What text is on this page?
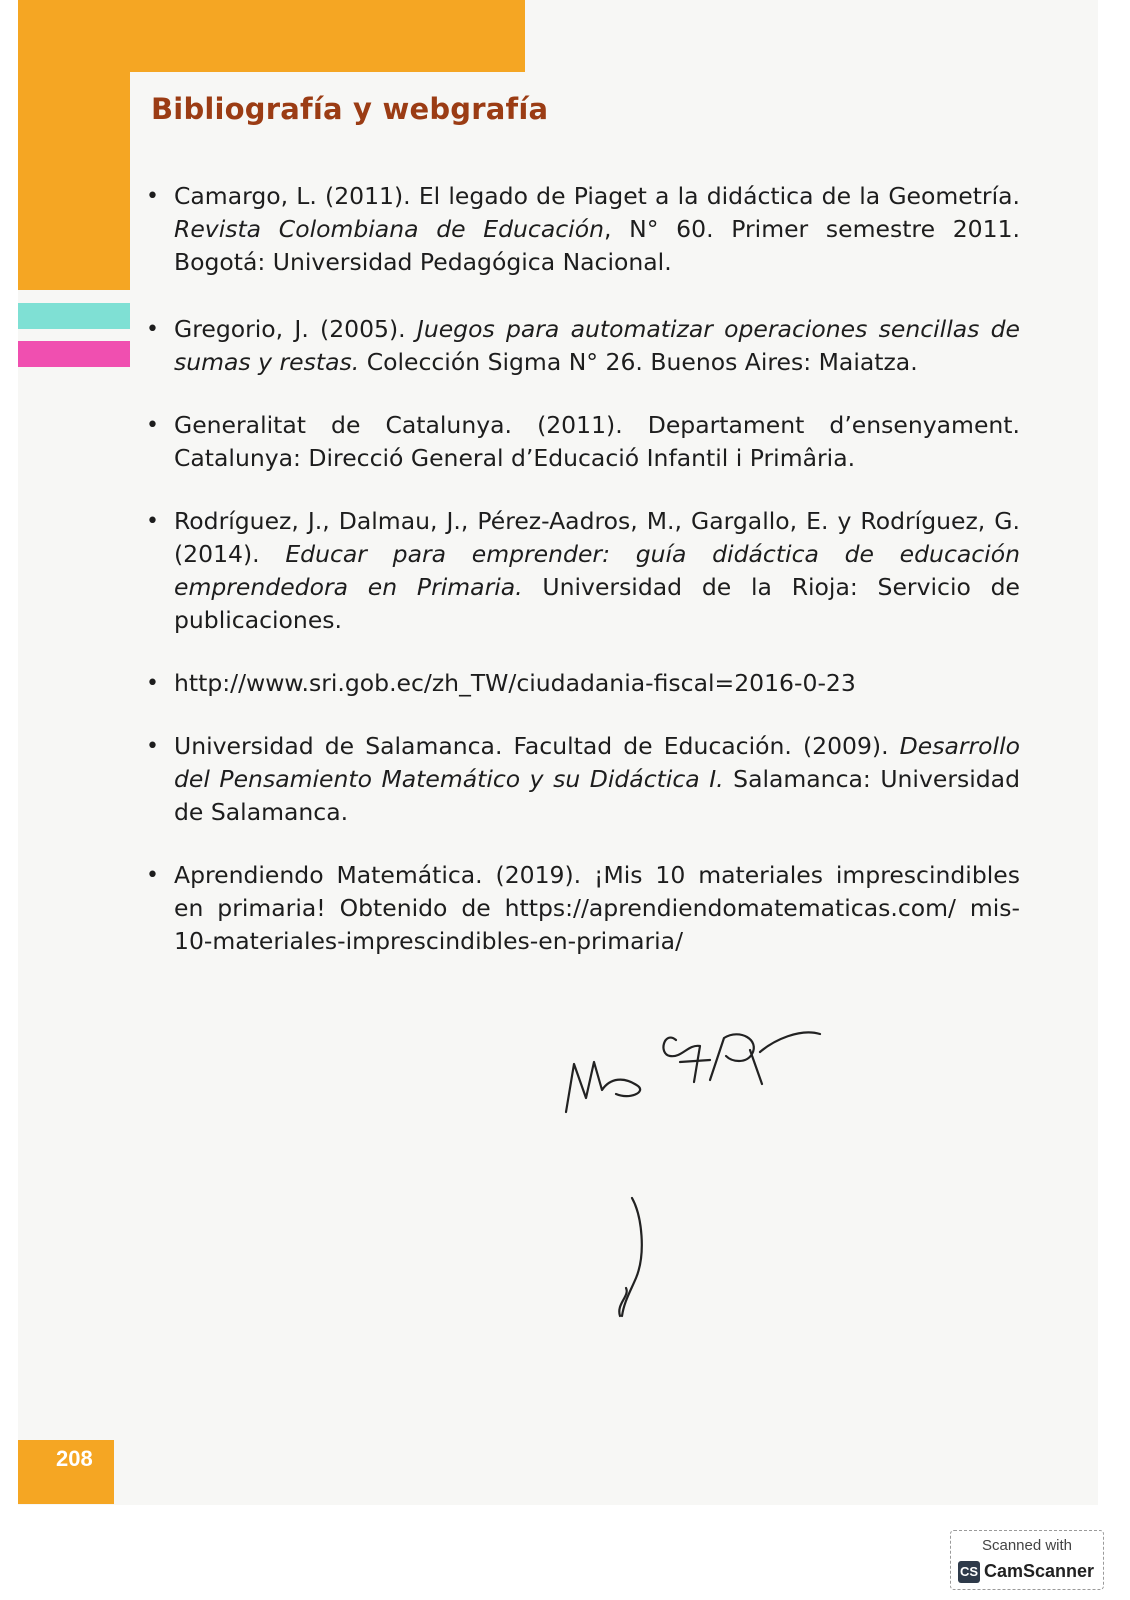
Bibliografía y webgrafía
• Camargo, L. (2011). El legado de Piaget a la didáctica de la Geometría. Revista Colombiana de Educación, N° 60. Primer semestre 2011. Bogotá: Universidad Pedagógica Nacional.
• Gregorio, J. (2005). Juegos para automatizar operaciones sencillas de sumas y restas. Colección Sigma N° 26. Buenos Aires: Maiatza.
• Generalitat de Catalunya. (2011). Departament d’ensenyament. Catalunya: Direcció General d’Educació Infantil i Primâria.
• Rodríguez, J., Dalmau, J., Pérez-Aadros, M., Gargallo, E. y Rodríguez, G. (2014). Educar para emprender: guía didáctica de educación emprendedora en Primaria. Universidad de la Rioja: Servicio de publicaciones.
• http://www.sri.gob.ec/zh_TW/ciudadania-fiscal=2016-0-23
• Universidad de Salamanca. Facultad de Educación. (2009). Desarrollo del Pensamiento Matemático y su Didáctica I. Salamanca: Universidad de Salamanca.
• Aprendiendo Matemática. (2019). ¡Mis 10 materiales imprescindibles en primaria! Obtenido de https://aprendiendomatematicas.com/ mis-10-materiales-imprescindibles-en-primaria/
208
Scanned with
CS CamScanner
